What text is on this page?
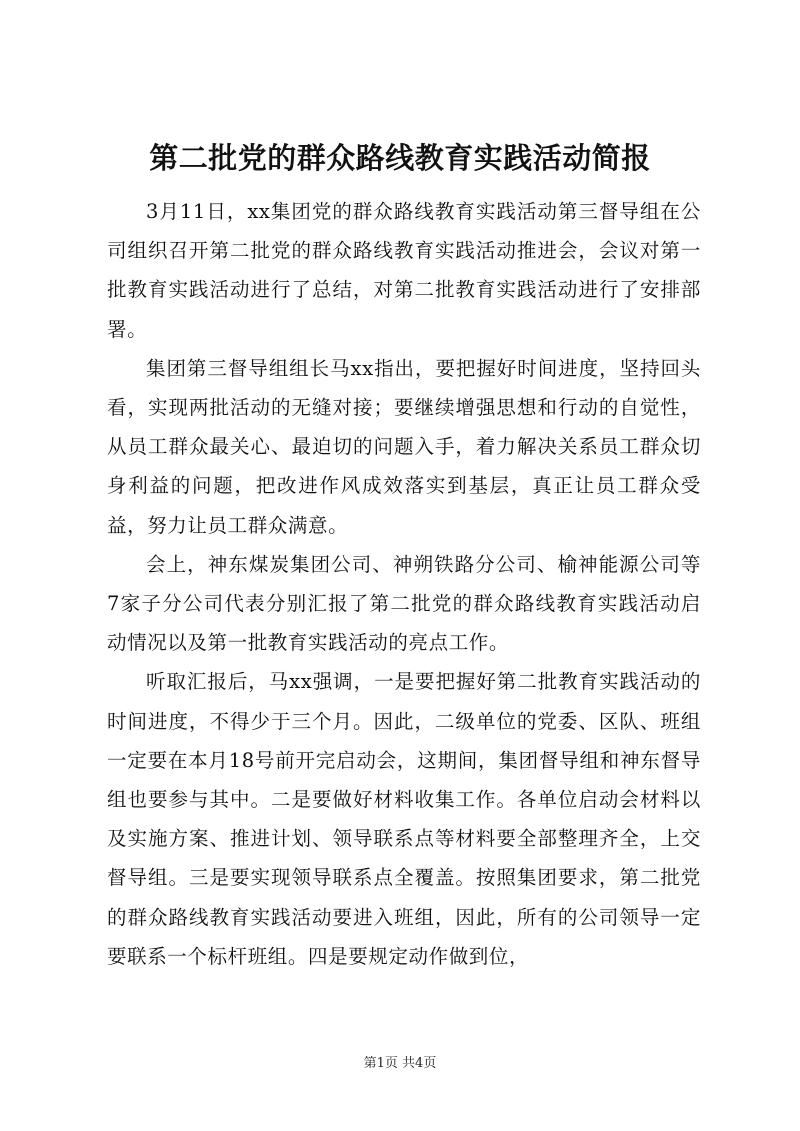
第二批党的群众路线教育实践活动简报

3月11日，xx集团党的群众路线教育实践活动第三督导组在公司组织召开第二批党的群众路线教育实践活动推进会，会议对第一批教育实践活动进行了总结，对第二批教育实践活动进行了安排部署。

集团第三督导组组长马xx指出，要把握好时间进度，坚持回头看，实现两批活动的无缝对接；要继续增强思想和行动的自觉性，从员工群众最关心、最迫切的问题入手，着力解决关系员工群众切身利益的问题，把改进作风成效落实到基层，真正让员工群众受益，努力让员工群众满意。

会上，神东煤炭集团公司、神朔铁路分公司、榆神能源公司等7家子分公司代表分别汇报了第二批党的群众路线教育实践活动启动情况以及第一批教育实践活动的亮点工作。

听取汇报后，马xx强调，一是要把握好第二批教育实践活动的时间进度，不得少于三个月。因此，二级单位的党委、区队、班组一定要在本月18号前开完启动会，这期间，集团督导组和神东督导组也要参与其中。二是要做好材料收集工作。各单位启动会材料以及实施方案、推进计划、领导联系点等材料要全部整理齐全，上交督导组。三是要实现领导联系点全覆盖。按照集团要求，第二批党的群众路线教育实践活动要进入班组，因此，所有的公司领导一定要联系一个标杆班组。四是要规定动作做到位，

第1页 共4页
